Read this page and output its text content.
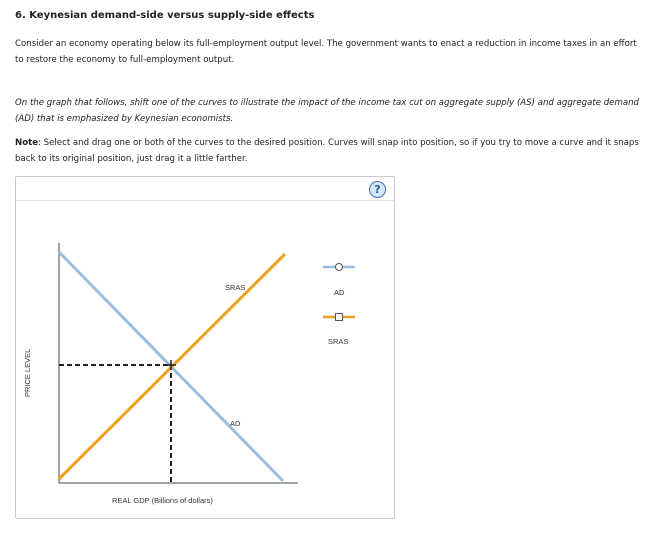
6. Keynesian demand-side versus supply-side effects
Consider an economy operating below its full-employment output level. The government wants to enact a reduction in income taxes in an effort to restore the economy to full-employment output.
On the graph that follows, shift one of the curves to illustrate the impact of the income tax cut on aggregate supply (AS) and aggregate demand (AD) that is emphasized by Keynesian economists.
Note: Select and drag one or both of the curves to the desired position. Curves will snap into position, so if you try to move a curve and it snaps back to its original position, just drag it a little farther.
?
SRAS
AD
PRICE LEVEL
REAL GDP (Billions of dollars)
AD
SRAS
